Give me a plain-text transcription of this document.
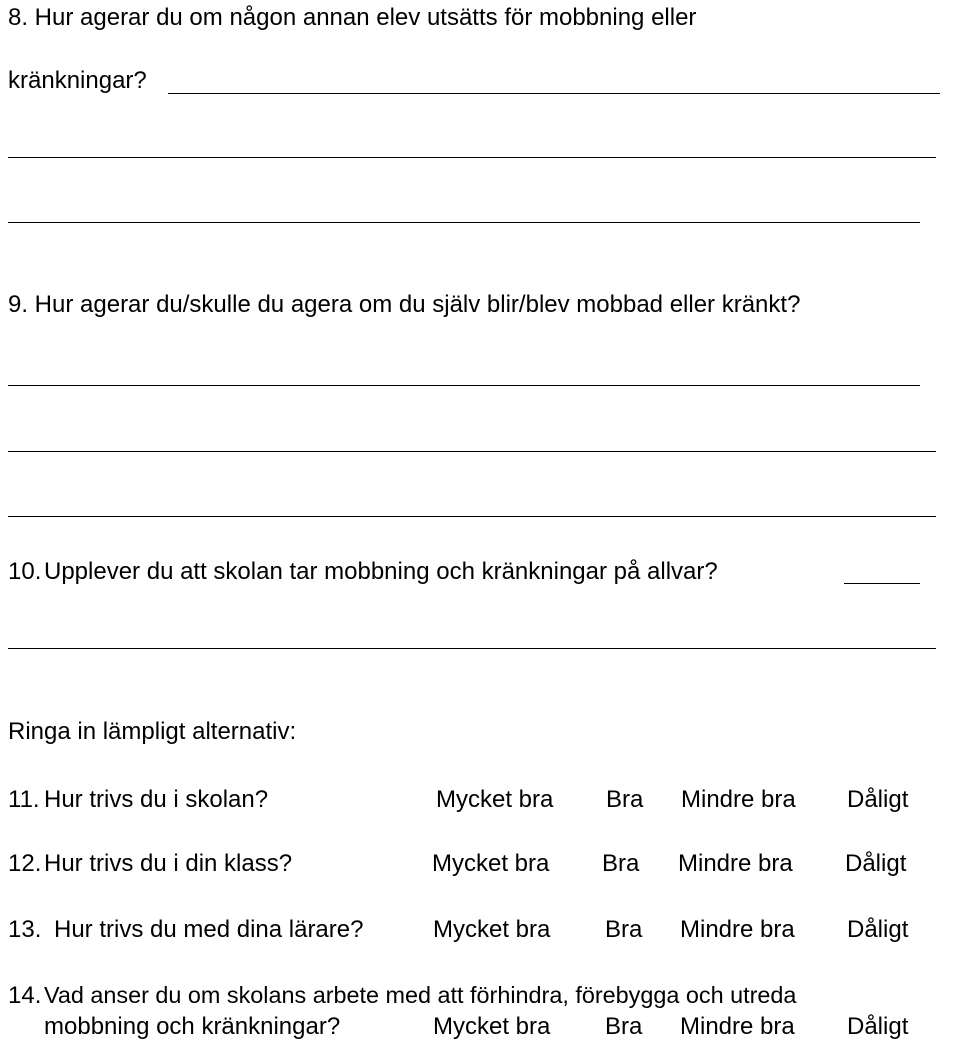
8. Hur agerar du om någon annan elev utsätts för mobbning eller
kränkningar?
9. Hur agerar du/skulle du agera om du själv blir/blev mobbad eller kränkt?
10. Upplever du att skolan tar mobbning och kränkningar på allvar?
Ringa in lämpligt alternativ:
11. Hur trivs du i skolan?	Mycket bra Bra Mindre bra Dåligt
12. Hur trivs du i din klass?	Mycket bra Bra Mindre bra Dåligt
13. Hur trivs du med dina lärare?	Mycket bra Bra Mindre bra Dåligt
14. Vad anser du om skolans arbete med att förhindra, förebygga och utreda
mobbning och kränkningar?	Mycket bra Bra Mindre bra Dåligt
